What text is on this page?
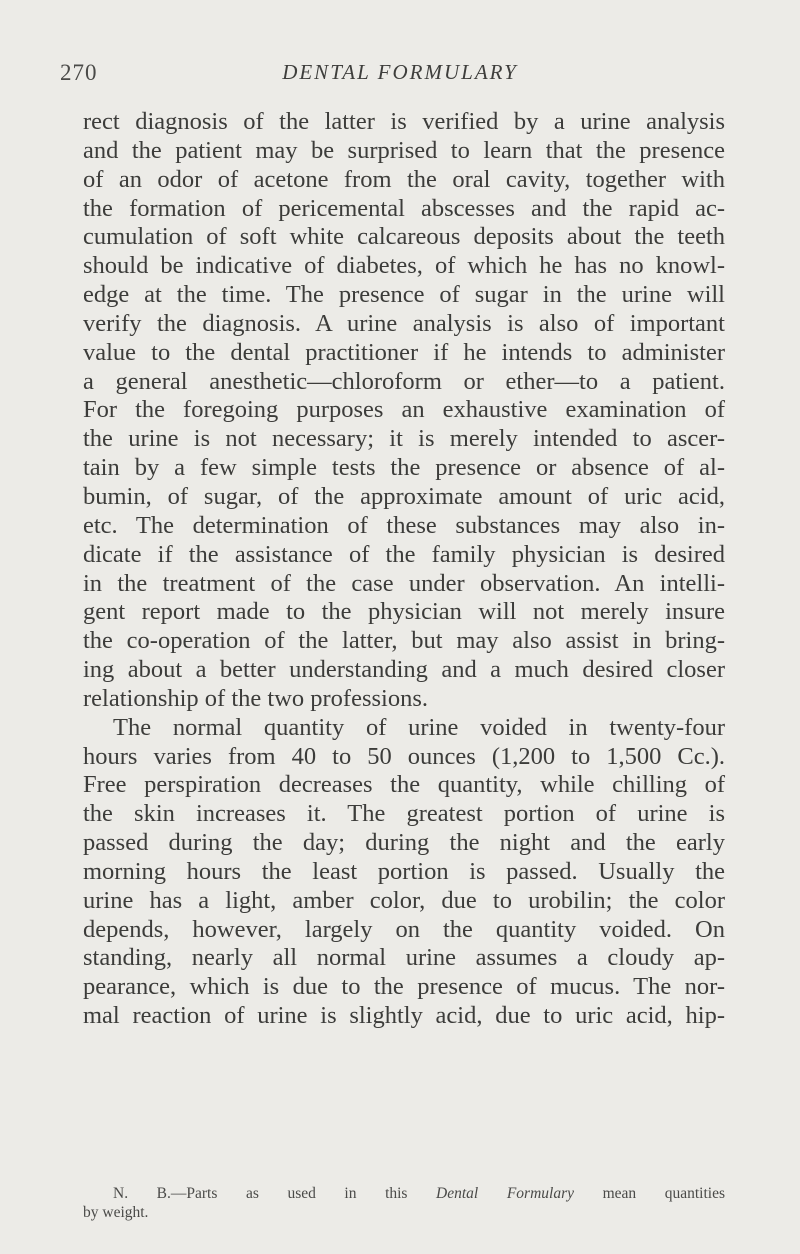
270	DENTAL FORMULARY
rect diagnosis of the latter is verified by a urine analysis
and the patient may be surprised to learn that the presence
of an odor of acetone from the oral cavity, together with
the formation of pericemental abscesses and the rapid ac-
cumulation of soft white calcareous deposits about the teeth
should be indicative of diabetes, of which he has no knowl-
edge at the time. The presence of sugar in the urine will
verify the diagnosis. A urine analysis is also of important
value to the dental practitioner if he intends to administer
a general anesthetic—chloroform or ether—to a patient.
For the foregoing purposes an exhaustive examination of
the urine is not necessary; it is merely intended to ascer-
tain by a few simple tests the presence or absence of al-
bumin, of sugar, of the approximate amount of uric acid,
etc. The determination of these substances may also in-
dicate if the assistance of the family physician is desired
in the treatment of the case under observation. An intelli-
gent report made to the physician will not merely insure
the co-operation of the latter, but may also assist in bring-
ing about a better understanding and a much desired closer
relationship of the two professions.
The normal quantity of urine voided in twenty-four
hours varies from 40 to 50 ounces (1,200 to 1,500 Cc.).
Free perspiration decreases the quantity, while chilling of
the skin increases it. The greatest portion of urine is
passed during the day; during the night and the early
morning hours the least portion is passed. Usually the
urine has a light, amber color, due to urobilin; the color
depends, however, largely on the quantity voided. On
standing, nearly all normal urine assumes a cloudy ap-
pearance, which is due to the presence of mucus. The nor-
mal reaction of urine is slightly acid, due to uric acid, hip-
N. B.—Parts as used in this Dental Formulary mean quantities
by weight.
